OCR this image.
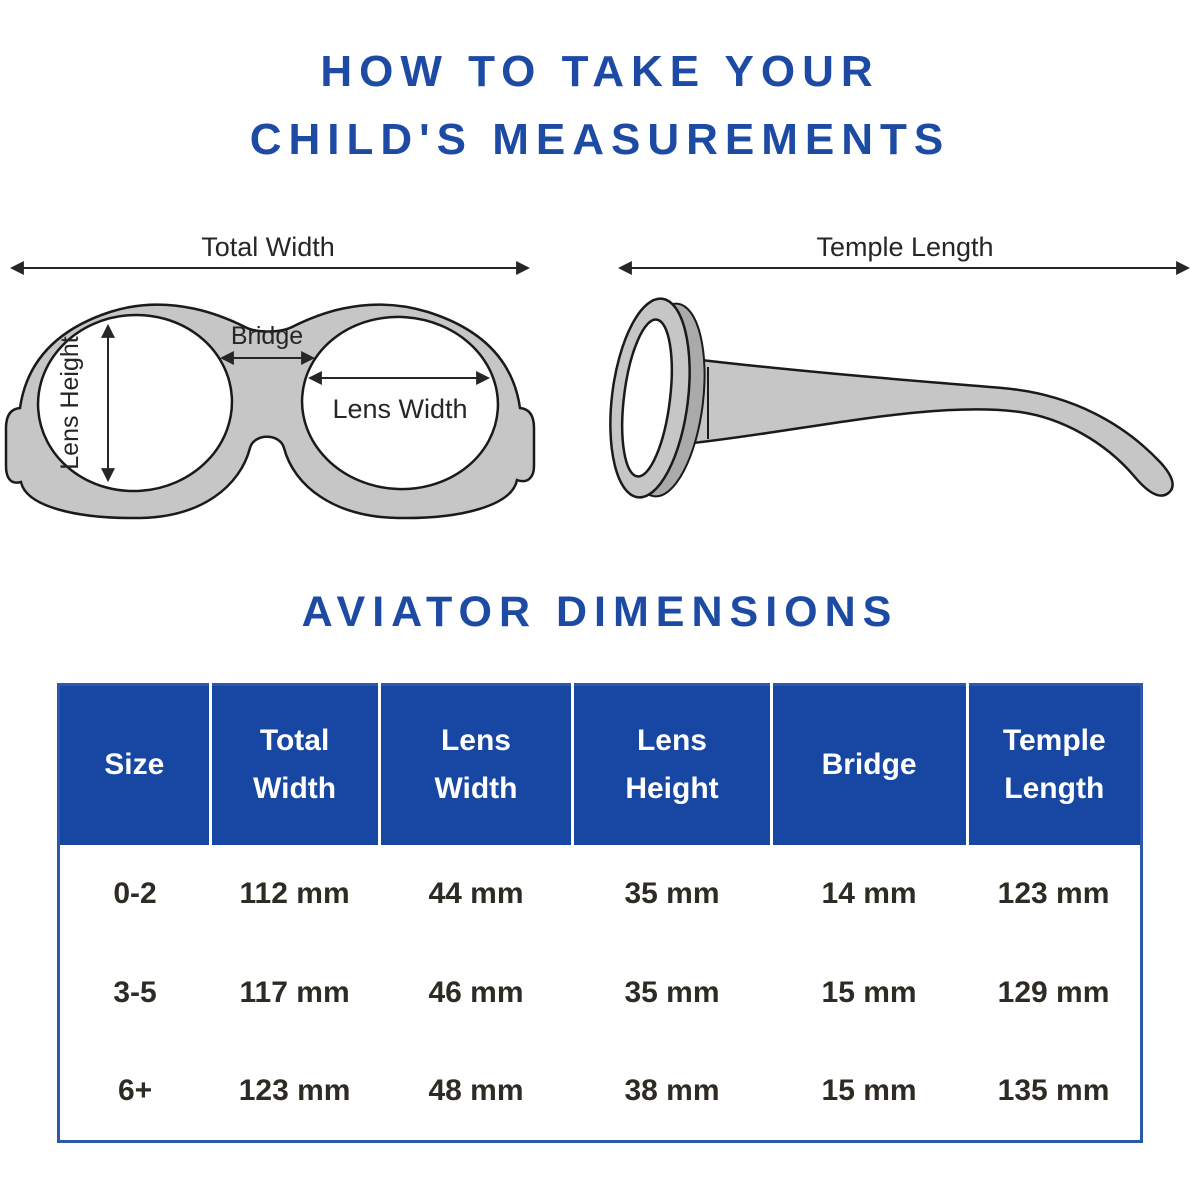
HOW TO TAKE YOUR
CHILD'S MEASUREMENTS
Total Width
Bridge
Lens Width
Lens Height
Temple Length
AVIATOR DIMENSIONS
Size	Total Width	Lens Width	Lens Height	Bridge	Temple Length
0-2	112 mm	44 mm	35 mm	14 mm	123 mm
3-5	117 mm	46 mm	35 mm	15 mm	129 mm
6+	123 mm	48 mm	38 mm	15 mm	135 mm
